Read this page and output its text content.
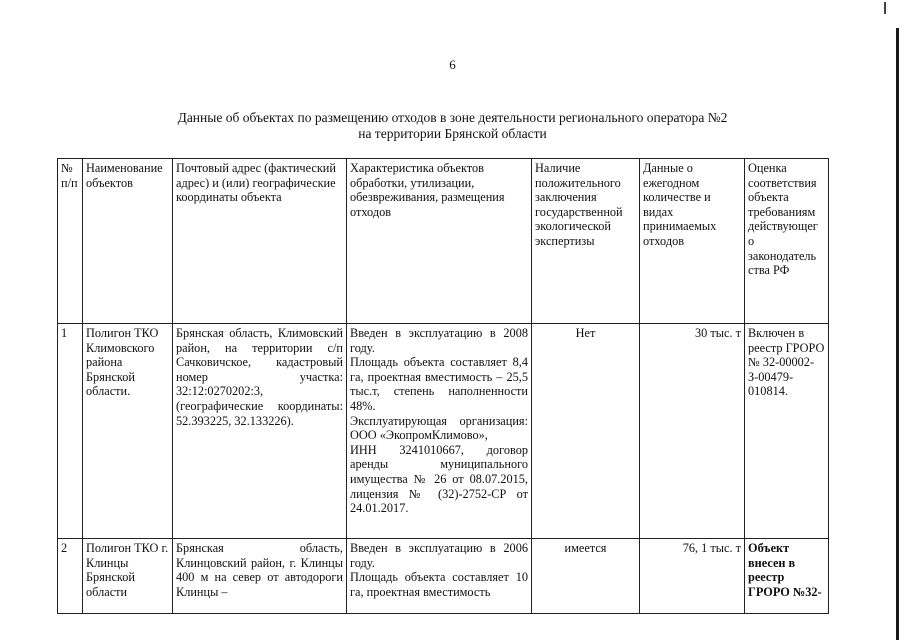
6
Данные об объектах по размещению отходов в зоне деятельности регионального оператора №2
на территории Брянской области
№ п/п	Наименование объектов	Почтовый адрес (фактический адрес) и (или) географические координаты объекта	Характеристика объектов обработки, утилизации, обезвреживания, размещения отходов	Наличие положительного заключения государственной экологической экспертизы	Данные о ежегодном количестве и видах принимаемых отходов	Оценка соответствия объекта требованиям действующег о законодатель ства РФ
1	Полигон ТКО Климовского района Брянской области.	Брянская область, Климовский район, на территории с/п Сачковичское, кадастровый номер участка: 32:12:0270202:3, (географические координаты: 52.393225, 32.133226).	Введен в эксплуатацию в 2008 году.
Площадь объекта составляет 8,4 га, проектная вместимость – 25,5 тыс.т, степень наполненности 48%.
Эксплуатирующая организация: ООО «ЭкопромКлимово»,
ИНН 3241010667, договор аренды муниципального имущества № 26 от 08.07.2015, лицензия № (32)-2752-СР от 24.01.2017.	Нет	30 тыс. т	Включен в реестр ГРОРО № 32-00002-З-00479-010814.
2	Полигон ТКО г. Клинцы Брянской области	Брянская область, Клинцовский район, г. Клинцы 400 м на север от автодороги Клинцы –	Введен в эксплуатацию в 2006 году.
Площадь объекта составляет 10 га, проектная вместимость	имеется	76, 1 тыс. т	Объект внесен в реестр ГРОРО №32-
